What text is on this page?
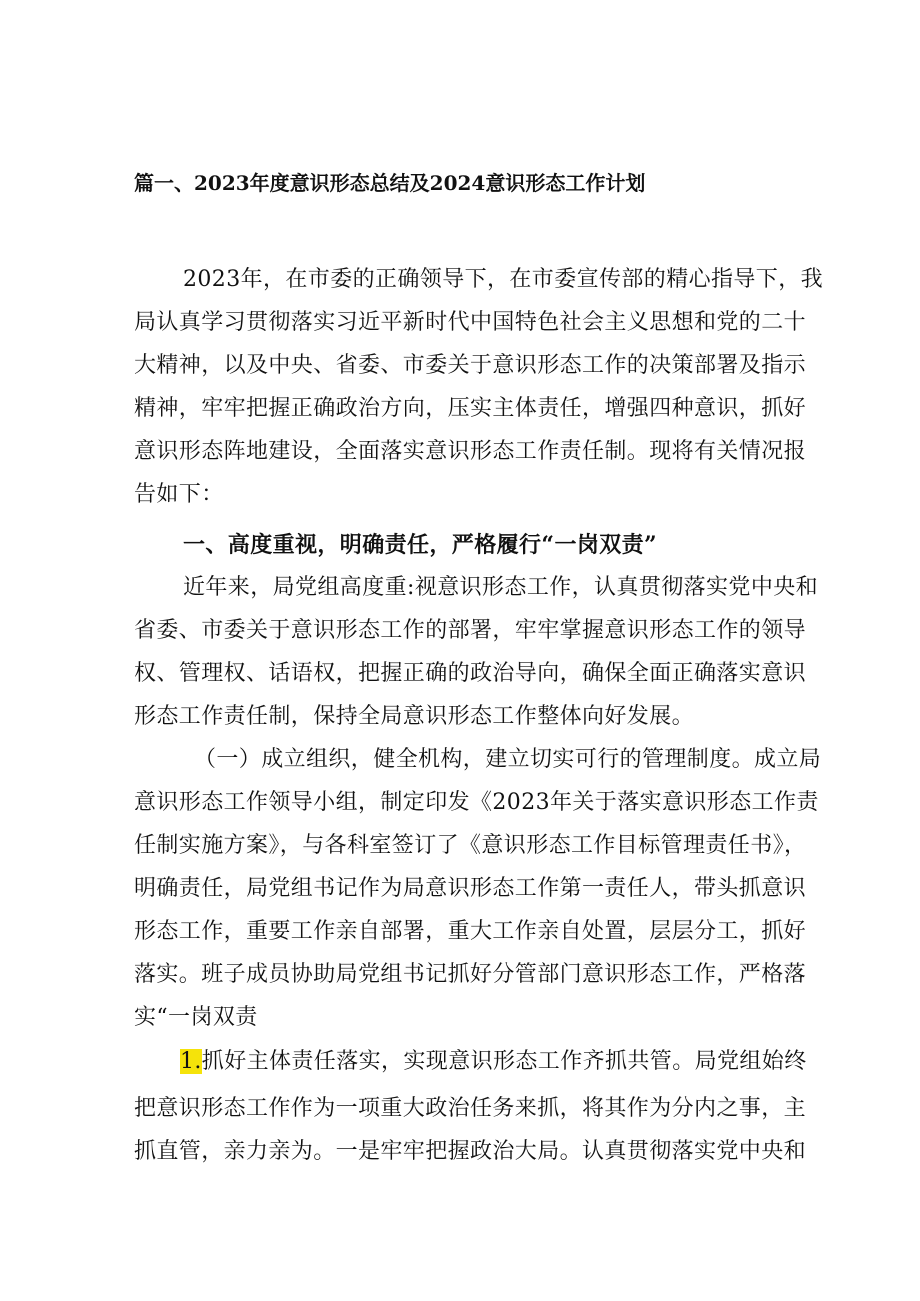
篇一、2023年度意识形态总结及2024意识形态工作计划
2023年，在市委的正确领导下，在市委宣传部的精心指导下，我
局认真学习贯彻落实习近平新时代中国特色社会主义思想和党的二十
大精神，以及中央、省委、市委关于意识形态工作的决策部署及指示
精神，牢牢把握正确政治方向，压实主体责任，增强四种意识，抓好
意识形态阵地建设，全面落实意识形态工作责任制。现将有关情况报
告如下：
一、高度重视，明确责任，严格履行“一岗双责”
近年来，局党组高度重:视意识形态工作，认真贯彻落实党中央和
省委、市委关于意识形态工作的部署，牢牢掌握意识形态工作的领导
权、管理权、话语权，把握正确的政治导向，确保全面正确落实意识
形态工作责任制，保持全局意识形态工作整体向好发展。
（一）成立组织，健全机构，建立切实可行的管理制度。成立局
意识形态工作领导小组，制定印发《2023年关于落实意识形态工作责
任制实施方案》，与各科室签订了《意识形态工作目标管理责任书》，
明确责任，局党组书记作为局意识形态工作第一责任人，带头抓意识
形态工作，重要工作亲自部署，重大工作亲自处置，层层分工，抓好
落实。班子成员协助局党组书记抓好分管部门意识形态工作，严格落
实“一岗双责
1.抓好主体责任落实，实现意识形态工作齐抓共管。局党组始终
把意识形态工作作为一项重大政治任务来抓，将其作为分内之事，主
抓直管，亲力亲为。一是牢牢把握政治大局。认真贯彻落实党中央和
